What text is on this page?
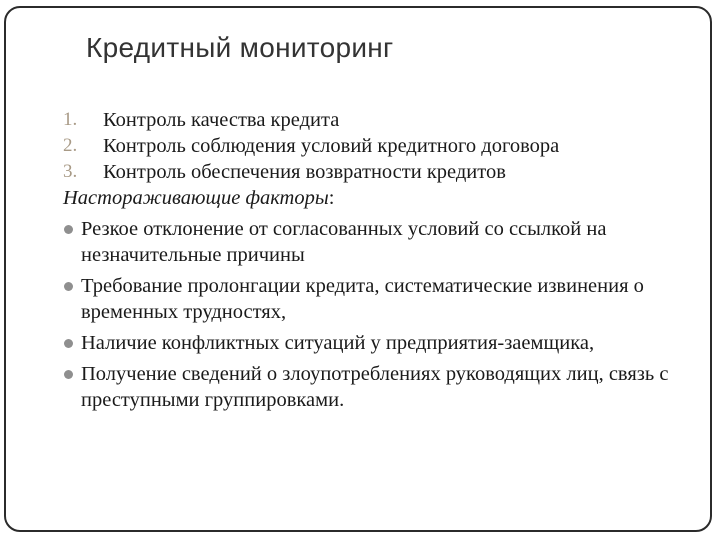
Кредитный мониторинг
1. Контроль качества кредита
2. Контроль соблюдения условий кредитного договора
3. Контроль обеспечения возвратности кредитов
Настораживающие факторы:
Резкое отклонение от согласованных условий со ссылкой на незначительные причины
Требование пролонгации кредита, систематические извинения о временных трудностях,
Наличие конфликтных ситуаций у предприятия-заемщика,
Получение сведений о злоупотреблениях руководящих лиц, связь с преступными группировками.
